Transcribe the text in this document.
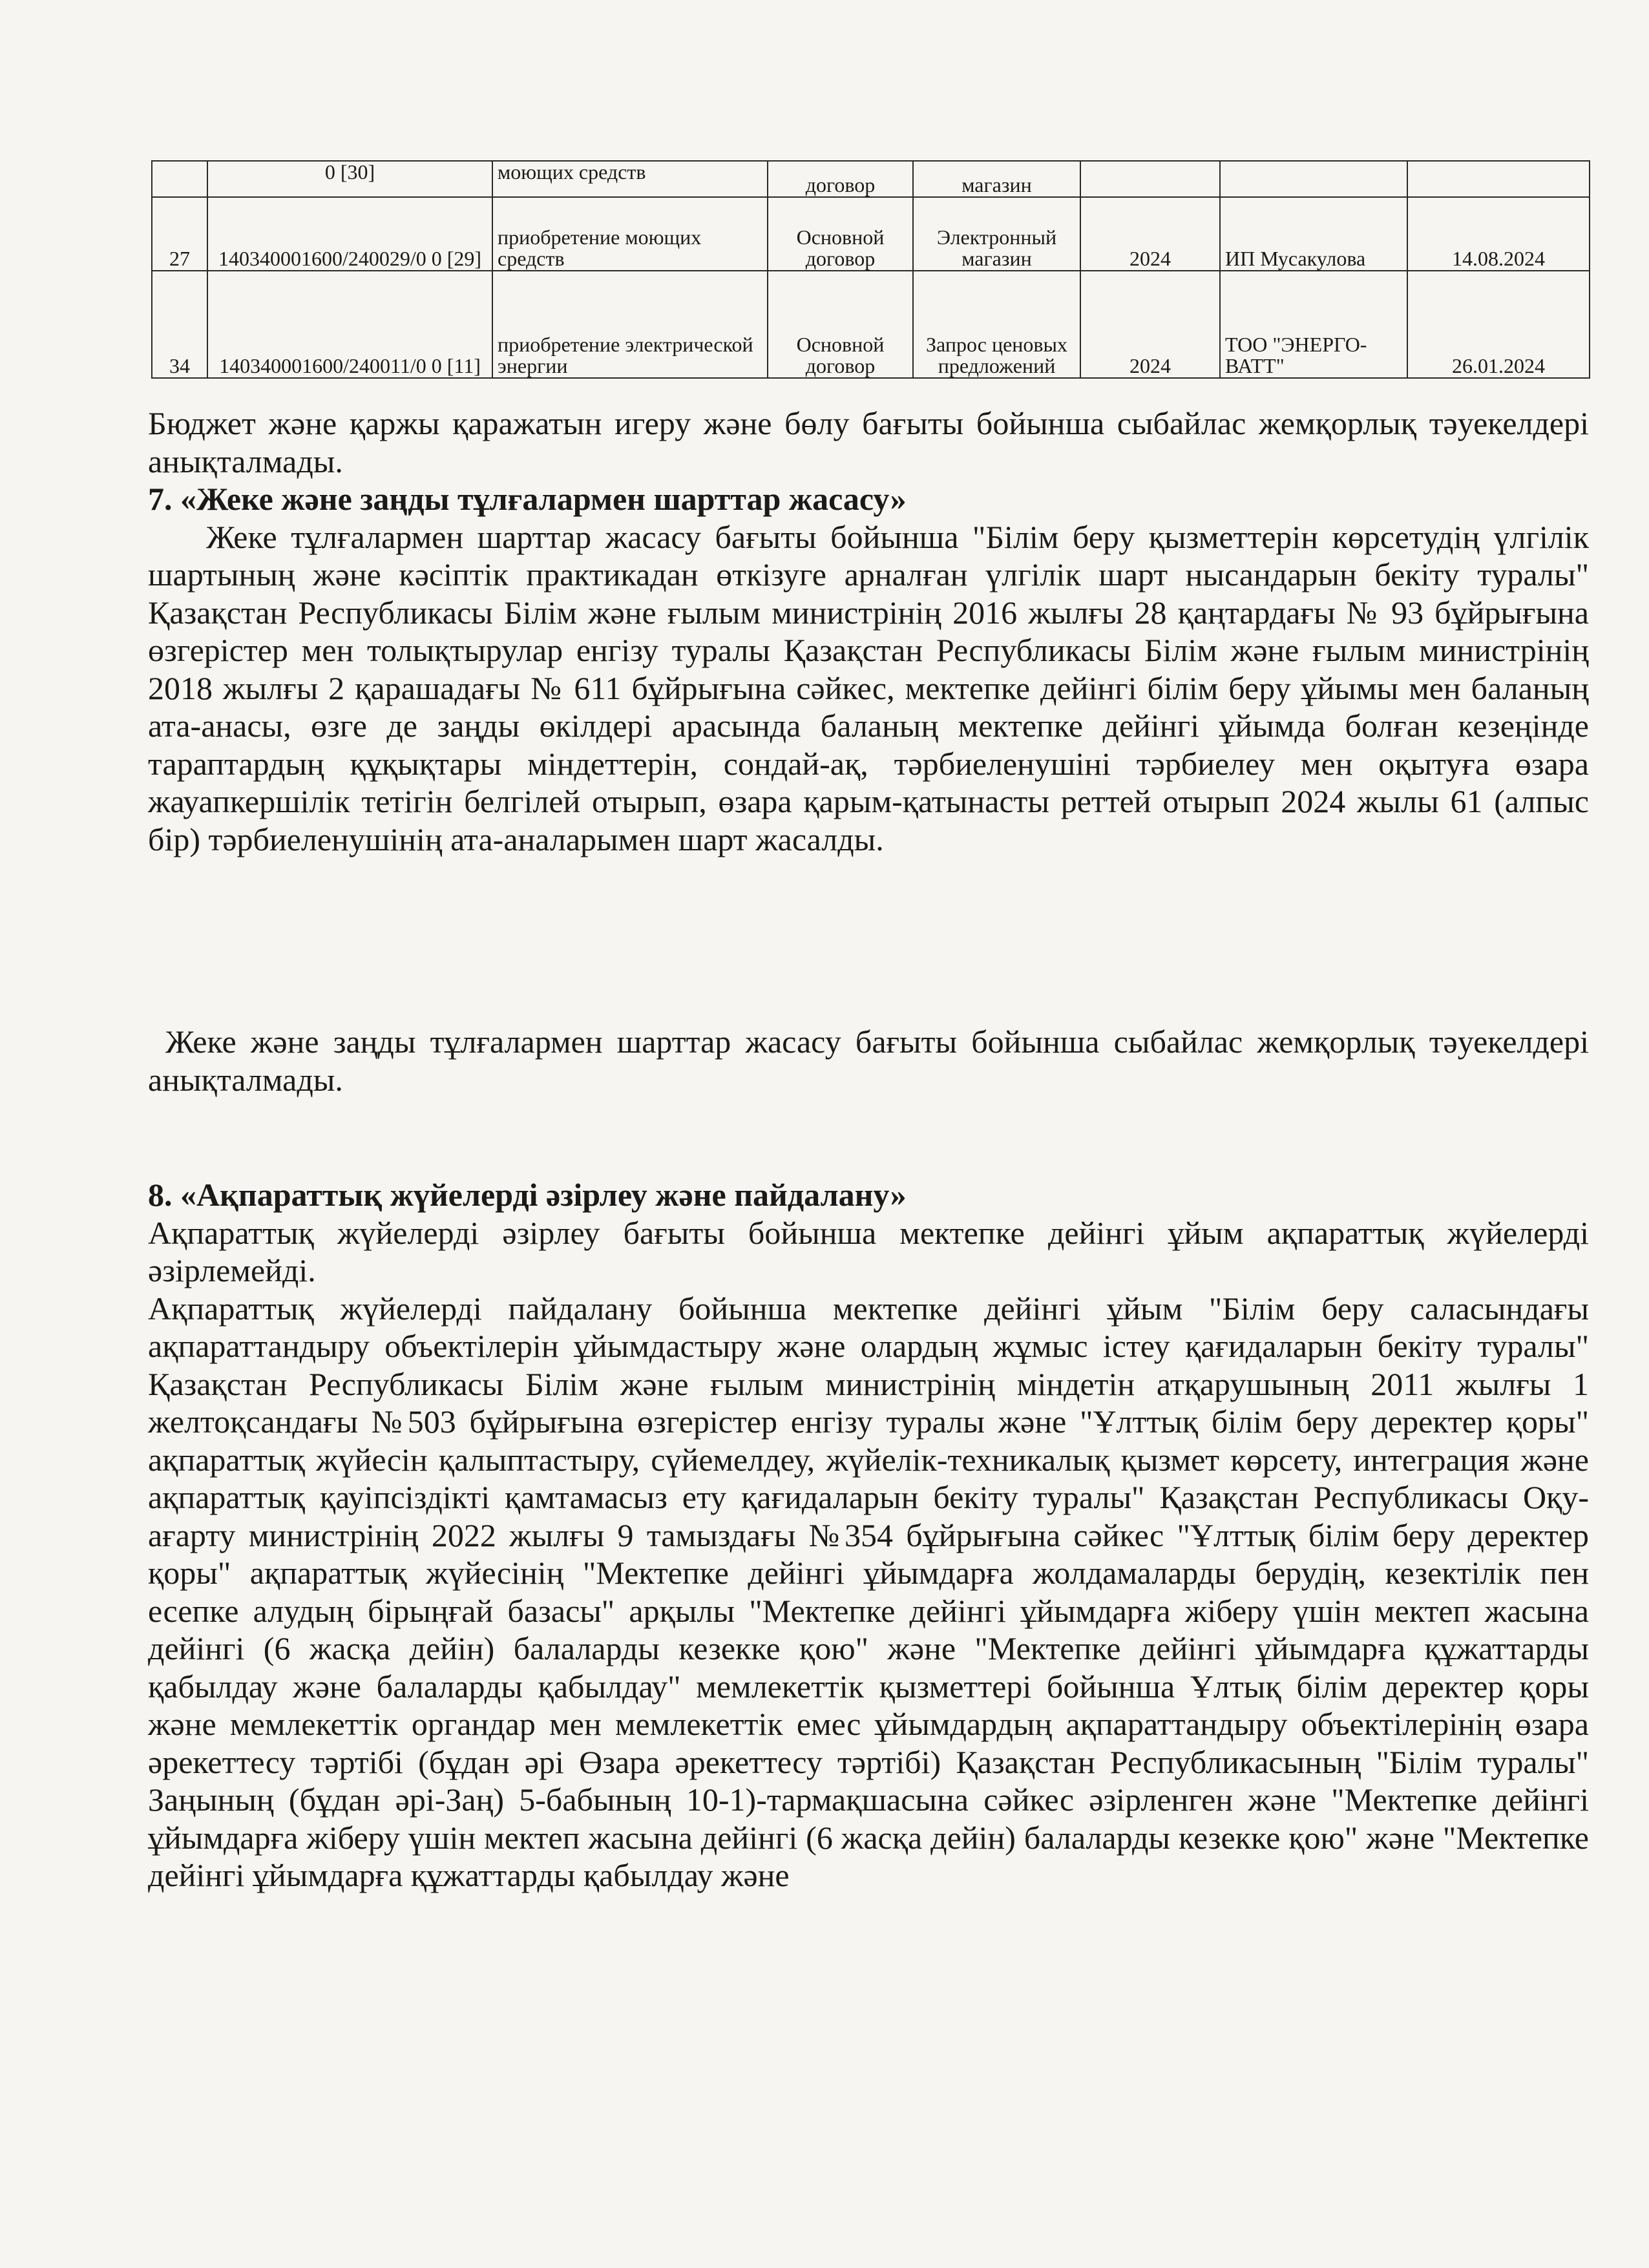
	0 [30]	моющих средств	договор	магазин			
27	140340001600/240029/0 0 [29]	приобретение моющих средств	Основной договор	Электронный магазин	2024	ИП Мусакулова	14.08.2024
34	140340001600/240011/0 0 [11]	приобретение электрической энергии	Основной договор	Запрос ценовых предложений	2024	ТОО "ЭНЕРГО-ВАТТ"	26.01.2024

Бюджет және қаржы қаражатын игеру және бөлу бағыты бойынша сыбайлас жемқорлық тәуекелдері анықталмады.

7. «Жеке және заңды тұлғалармен шарттар жасасу»

Жеке тұлғалармен шарттар жасасу бағыты бойынша "Білім беру қызметтерін көрсетудің үлгілік шартының және кәсіптік практикадан өткізуге арналған үлгілік шарт нысандарын бекіту туралы" Қазақстан Республикасы Білім және ғылым министрінің 2016 жылғы 28 қаңтардағы № 93 бұйрығына өзгерістер мен толықтырулар енгізу туралы Қазақстан Республикасы Білім және ғылым министрінің 2018 жылғы 2 қарашадағы № 611 бұйрығына сәйкес, мектепке дейінгі білім беру ұйымы мен баланың ата-анасы, өзге де заңды өкілдері арасында баланың мектепке дейінгі ұйымда болған кезеңінде тараптардың құқықтары міндеттерін, сондай-ақ, тәрбиеленушіні тәрбиелеу мен оқытуға өзара жауапкершілік тетігін белгілей отырып, өзара қарым-қатынасты реттей отырып 2024 жылы 61 (алпыс бір) тәрбиеленушінің ата-аналарымен шарт жасалды.

Жеке және заңды тұлғалармен шарттар жасасу бағыты бойынша сыбайлас жемқорлық тәуекелдері анықталмады.

8. «Ақпараттық жүйелерді әзірлеу және пайдалану»

Ақпараттық жүйелерді әзірлеу бағыты бойынша мектепке дейінгі ұйым ақпараттық жүйелерді әзірлемейді.

Ақпараттық жүйелерді пайдалану бойынша мектепке дейінгі ұйым "Білім беру саласындағы ақпараттандыру объектілерін ұйымдастыру және олардың жұмыс істеу қағидаларын бекіту туралы" Қазақстан Республикасы Білім және ғылым министрінің міндетін атқарушының 2011 жылғы 1 желтоқсандағы №503 бұйрығына өзгерістер енгізу туралы және "Ұлттық білім беру деректер қоры" ақпараттық жүйесін қалыптастыру, сүйемелдеу, жүйелік-техникалық қызмет көрсету, интеграция және ақпараттық қауіпсіздікті қамтамасыз ету қағидаларын бекіту туралы" Қазақстан Республикасы Оқу-ағарту министрінің 2022 жылғы 9 тамыздағы №354 бұйрығына сәйкес "Ұлттық білім беру деректер қоры" ақпараттық жүйесінің "Мектепке дейінгі ұйымдарға жолдамаларды берудің, кезектілік пен есепке алудың бірыңғай базасы" арқылы "Мектепке дейінгі ұйымдарға жіберу үшін мектеп жасына дейінгі (6 жасқа дейін) балаларды кезекке қою" және "Мектепке дейінгі ұйымдарға құжаттарды қабылдау және балаларды қабылдау" мемлекеттік қызметтері бойынша Ұлтық білім деректер қоры және мемлекеттік органдар мен мемлекеттік емес ұйымдардың ақпараттандыру объектілерінің өзара әрекеттесу тәртібі (бұдан әрі Өзара әрекеттесу тәртібі) Қазақстан Республикасының "Білім туралы" Заңының (бұдан әрі-Заң) 5-бабының 10-1)-тармақшасына сәйкес әзірленген және "Мектепке дейінгі ұйымдарға жіберу үшін мектеп жасына дейінгі (6 жасқа дейін) балаларды кезекке қою" және "Мектепке дейінгі ұйымдарға құжаттарды қабылдау және
